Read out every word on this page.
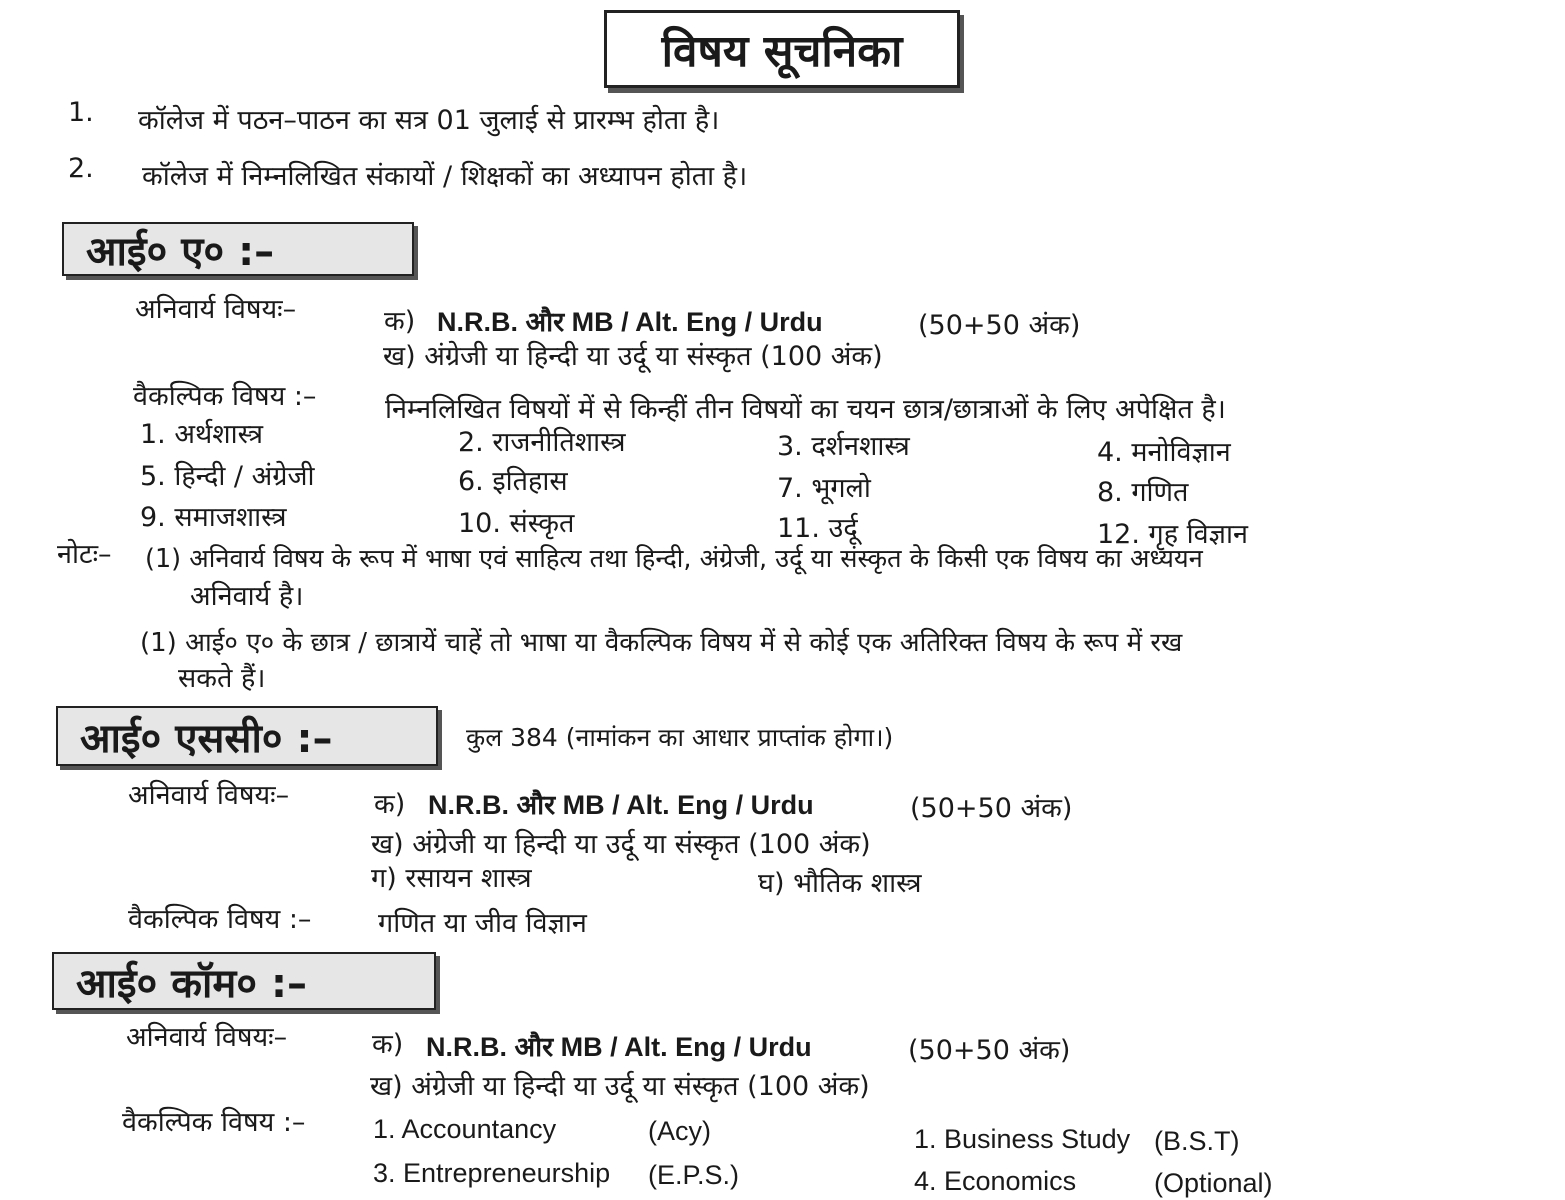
विषय सूचनिका
1. कॉलेज में पठन–पाठन का सत्र 01 जुलाई से प्रारम्भ होता है।
2. कॉलेज में निम्नलिखित संकायों / शिक्षकों का अध्यापन होता है।
आई० ए० :–
अनिवार्य विषयः–	क) N.R.B. और MB / Alt. Eng / Urdu	(50+50 अंक)
ख) अंग्रेजी या हिन्दी या उर्दू या संस्कृत (100 अंक)
वैकल्पिक विषय :–	निम्नलिखित विषयों में से किन्हीं तीन विषयों का चयन छात्र/छात्राओं के लिए अपेक्षित है।
1. अर्थशास्त्र	2. राजनीतिशास्त्र	3. दर्शनशास्त्र	4. मनोविज्ञान
5. हिन्दी / अंग्रेजी	6. इतिहास	7. भूगलो	8. गणित
9. समाजशास्त्र	10. संस्कृत	11. उर्दू	12. गृह विज्ञान
नोटः– (1) अनिवार्य विषय के रूप में भाषा एवं साहित्य तथा हिन्दी, अंग्रेजी, उर्दू या संस्कृत के किसी एक विषय का अध्ययन
अनिवार्य है।
(1) आई० ए० के छात्र / छात्रायें चाहें तो भाषा या वैकल्पिक विषय में से कोई एक अतिरिक्त विषय के रूप में रख
सकते हैं।
आई० एससी० :–	कुल 384 (नामांकन का आधार प्राप्तांक होगा।)
अनिवार्य विषयः–	क) N.R.B. और MB / Alt. Eng / Urdu	(50+50 अंक)
ख) अंग्रेजी या हिन्दी या उर्दू या संस्कृत (100 अंक)
ग) रसायन शास्त्र	घ) भौतिक शास्त्र
वैकल्पिक विषय :– गणित या जीव विज्ञान
आई० कॉम० :–
अनिवार्य विषयः–	क) N.R.B. और MB / Alt. Eng / Urdu	(50+50 अंक)
ख) अंग्रेजी या हिन्दी या उर्दू या संस्कृत (100 अंक)
वैकल्पिक विषय :–	1. Accountancy	(Acy)	1. Business Study (B.S.T)
3. Entrepreneurship (E.P.S.)	4. Economics	(Optional)
